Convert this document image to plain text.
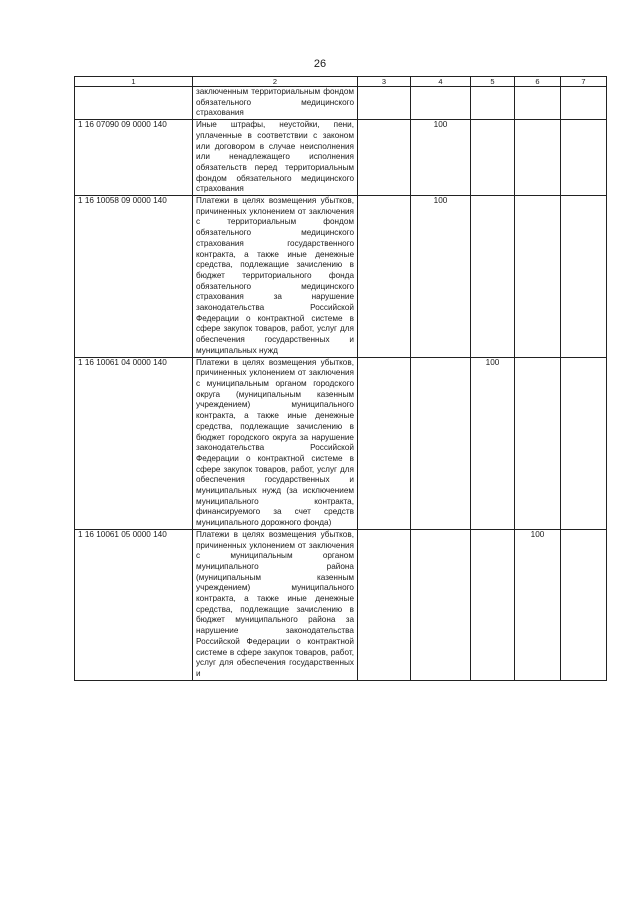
26
1	2	3	4	5	6	7
	заключенным территориальным фондом обязательного медицинского страхования					
1 16 07090 09 0000 140	Иные штрафы, неустойки, пени, уплаченные в соответствии с законом или договором в случае неисполнения или ненадлежащего исполнения обязательств перед территориальным фондом обязательного медицинского страхования		100			
1 16 10058 09 0000 140	Платежи в целях возмещения убытков, причиненных уклонением от заключения с территориальным фондом обязательного медицинского страхования государственного контракта, а также иные денежные средства, подлежащие зачислению в бюджет территориального фонда обязательного медицинского страхования за нарушение законодательства Российской Федерации о контрактной системе в сфере закупок товаров, работ, услуг для обеспечения государственных и муниципальных нужд		100			
1 16 10061 04 0000 140	Платежи в целях возмещения убытков, причиненных уклонением от заключения с муниципальным органом городского округа (муниципальным казенным учреждением) муниципального контракта, а также иные денежные средства, подлежащие зачислению в бюджет городского округа за нарушение законодательства Российской Федерации о контрактной системе в сфере закупок товаров, работ, услуг для обеспечения государственных и муниципальных нужд (за исключением муниципального контракта, финансируемого за счет средств муниципального дорожного фонда)			100		
1 16 10061 05 0000 140	Платежи в целях возмещения убытков, причиненных уклонением от заключения с муниципальным органом муниципального района (муниципальным казенным учреждением) муниципального контракта, а также иные денежные средства, подлежащие зачислению в бюджет муниципального района за нарушение законодательства Российской Федерации о контрактной системе в сфере закупок товаров, работ, услуг для обеспечения государственных и				100	
